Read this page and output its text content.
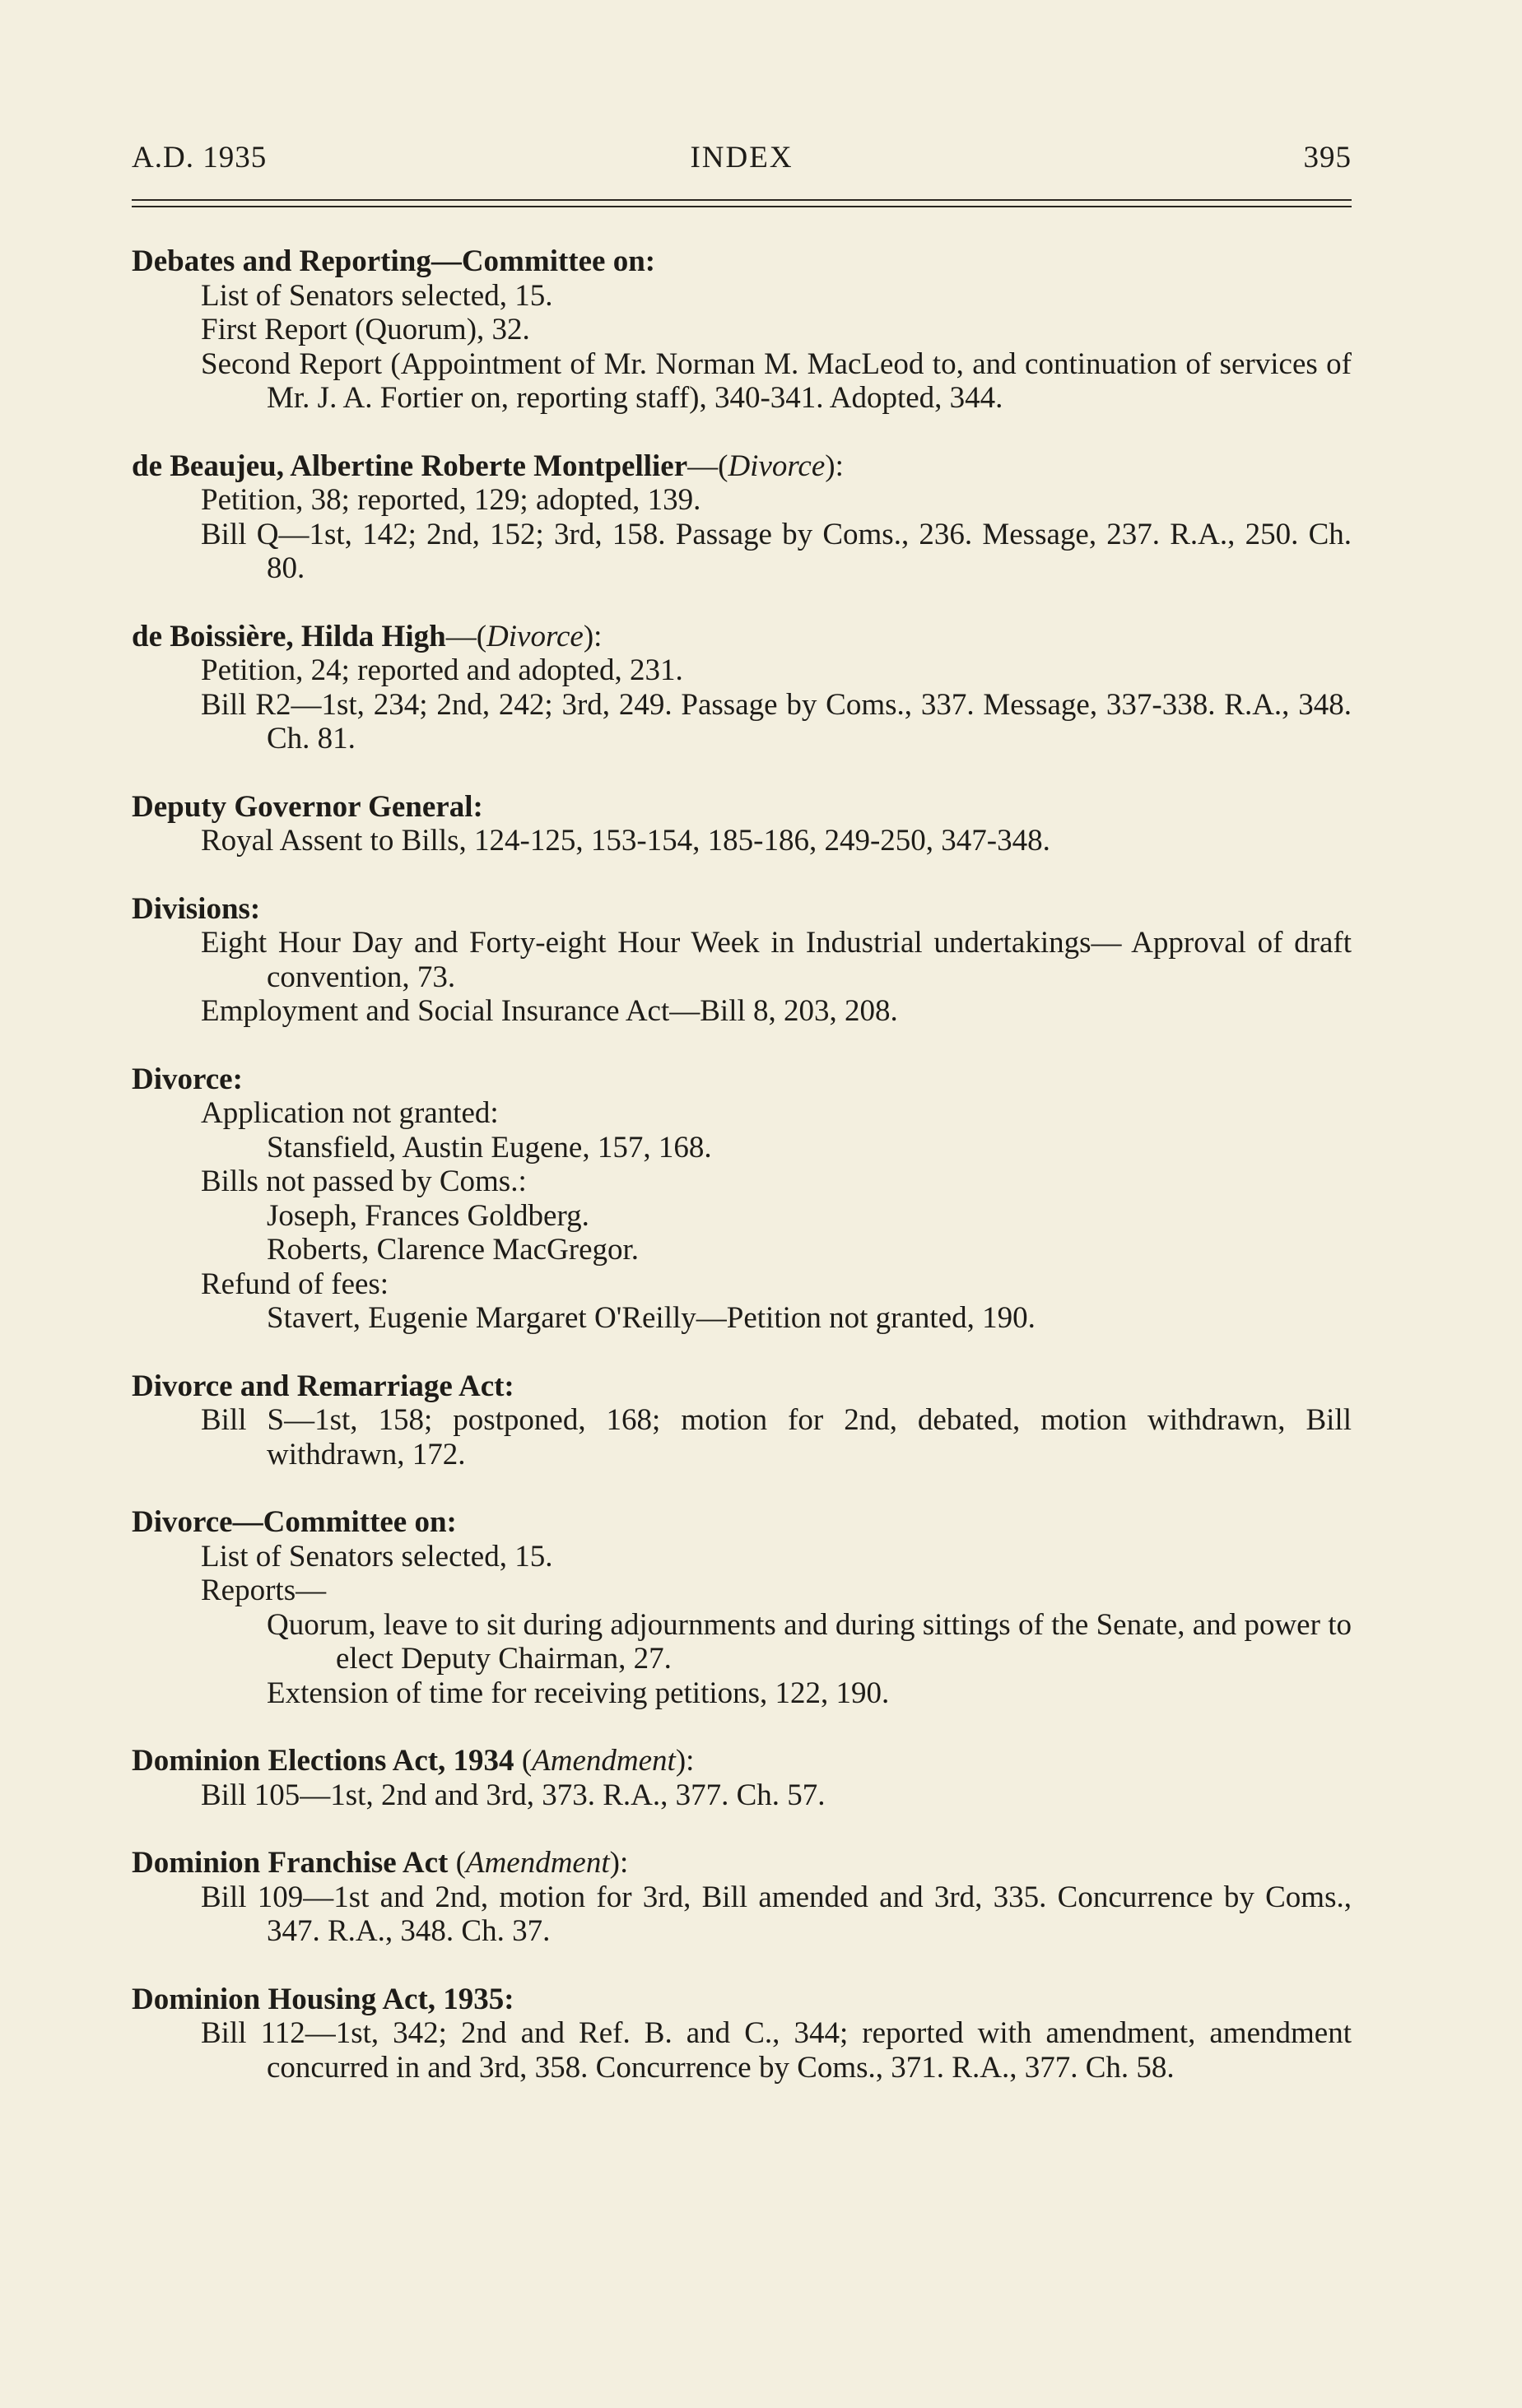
A.D. 1935	INDEX	395
Debates and Reporting—Committee on:
List of Senators selected, 15.
First Report (Quorum), 32.
Second Report (Appointment of Mr. Norman M. MacLeod to, and continuation of services of Mr. J. A. Fortier on, reporting staff), 340-341. Adopted, 344.
de Beaujeu, Albertine Roberte Montpellier—(Divorce):
Petition, 38; reported, 129; adopted, 139.
Bill Q—1st, 142; 2nd, 152; 3rd, 158. Passage by Coms., 236. Message, 237. R.A., 250. Ch. 80.
de Boissière, Hilda High—(Divorce):
Petition, 24; reported and adopted, 231.
Bill R2—1st, 234; 2nd, 242; 3rd, 249. Passage by Coms., 337. Message, 337-338. R.A., 348. Ch. 81.
Deputy Governor General:
Royal Assent to Bills, 124-125, 153-154, 185-186, 249-250, 347-348.
Divisions:
Eight Hour Day and Forty-eight Hour Week in Industrial undertakings— Approval of draft convention, 73.
Employment and Social Insurance Act—Bill 8, 203, 208.
Divorce:
Application not granted:
Stansfield, Austin Eugene, 157, 168.
Bills not passed by Coms.:
Joseph, Frances Goldberg.
Roberts, Clarence MacGregor.
Refund of fees:
Stavert, Eugenie Margaret O'Reilly—Petition not granted, 190.
Divorce and Remarriage Act:
Bill S—1st, 158; postponed, 168; motion for 2nd, debated, motion withdrawn, Bill withdrawn, 172.
Divorce—Committee on:
List of Senators selected, 15.
Reports—
Quorum, leave to sit during adjournments and during sittings of the Senate, and power to elect Deputy Chairman, 27.
Extension of time for receiving petitions, 122, 190.
Dominion Elections Act, 1934 (Amendment):
Bill 105—1st, 2nd and 3rd, 373. R.A., 377. Ch. 57.
Dominion Franchise Act (Amendment):
Bill 109—1st and 2nd, motion for 3rd, Bill amended and 3rd, 335. Concurrence by Coms., 347. R.A., 348. Ch. 37.
Dominion Housing Act, 1935:
Bill 112—1st, 342; 2nd and Ref. B. and C., 344; reported with amendment, amendment concurred in and 3rd, 358. Concurrence by Coms., 371. R.A., 377. Ch. 58.
